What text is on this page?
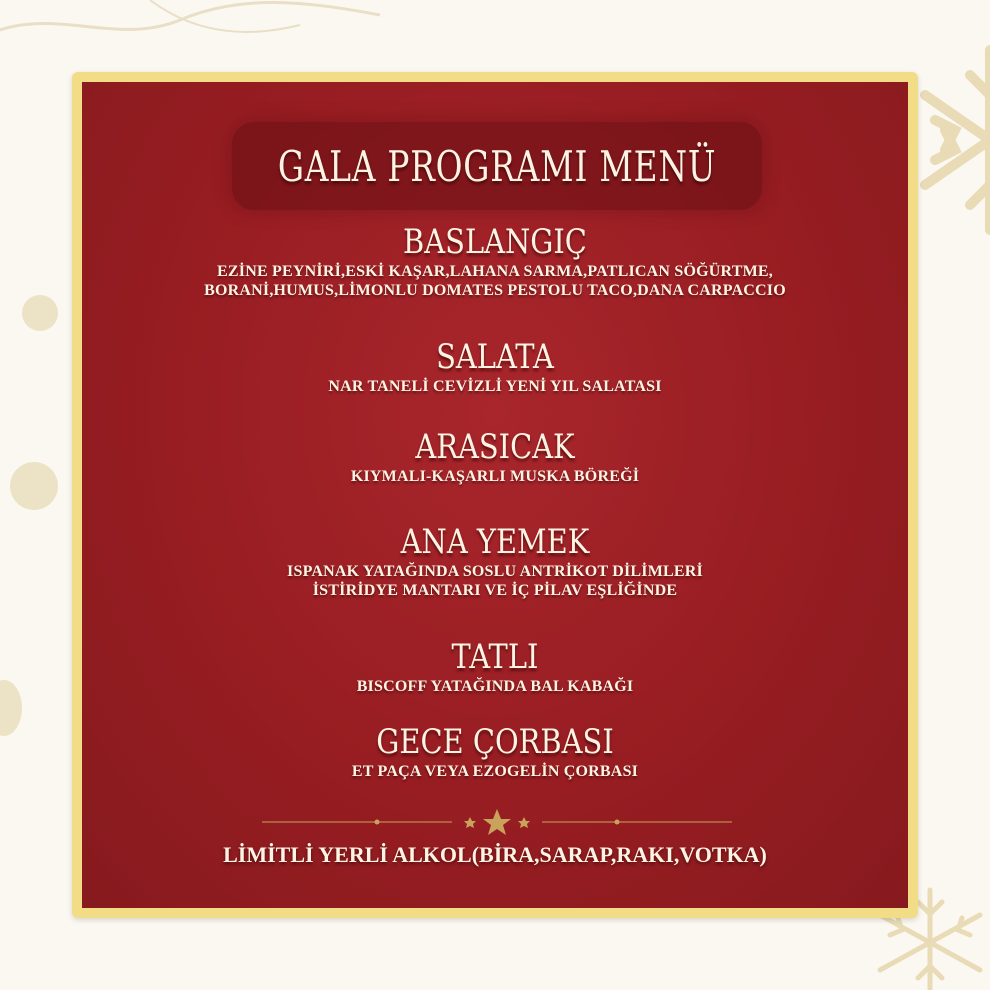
GALA PROGRAMI MENÜ
BASLANGIÇ
EZİNE PEYNİRİ,ESKİ KAŞAR,LAHANA SARMA,PATLICAN SÖĞÜRTME,
BORANİ,HUMUS,LİMONLU DOMATES PESTOLU TACO,DANA CARPACCIO
SALATA
NAR TANELİ CEVİZLİ YENİ YIL SALATASI
ARASICAK
KIYMALI-KAŞARLI MUSKA BÖREĞİ
ANA YEMEK
ISPANAK YATAĞINDA SOSLU ANTRİKOT DİLİMLERİ
İSTİRİDYE MANTARI VE İÇ PİLAV EŞLİĞİNDE
TATLI
BISCOFF YATAĞINDA BAL KABAĞI
GECE ÇORBASI
ET PAÇA VEYA EZOGELİN ÇORBASI
LİMİTLİ YERLİ ALKOL(BİRA,SARAP,RAKI,VOTKA)
